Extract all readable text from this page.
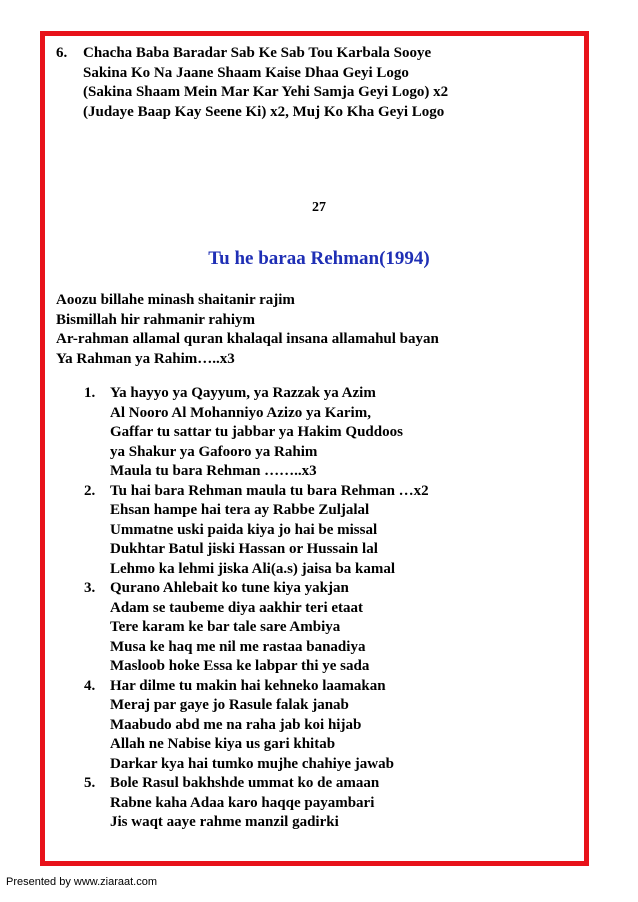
6. Chacha Baba Baradar Sab Ke Sab Tou Karbala Sooye
Sakina Ko Na Jaane Shaam Kaise Dhaa Geyi Logo
(Sakina Shaam Mein Mar Kar Yehi Samja Geyi Logo) x2
(Judaye Baap Kay Seene Ki) x2, Muj Ko Kha Geyi Logo
27
Tu he baraa Rehman(1994)
Aoozu billahe minash shaitanir rajim
Bismillah hir rahmanir rahiym
Ar-rahman allamal quran khalaqal insana allamahul bayan
Ya Rahman ya Rahim…..x3
1. Ya hayyo ya Qayyum, ya Razzak ya Azim
Al Nooro Al Mohanniyo Azizo ya Karim,
Gaffar tu sattar tu jabbar ya Hakim Quddoos
ya Shakur ya Gafooro ya Rahim
Maula tu bara Rehman ……..x3
2. Tu hai bara Rehman maula tu bara Rehman …x2
Ehsan hampe hai tera ay Rabbe Zuljalal
Ummatne uski paida kiya jo hai be missal
Dukhtar Batul jiski Hassan or Hussain lal
Lehmo ka lehmi jiska Ali(a.s) jaisa ba kamal
3. Qurano Ahlebait ko tune kiya yakjan
Adam se taubeme diya aakhir teri etaat
Tere karam ke bar tale sare Ambiya
Musa ke haq me nil me rastaa banadiya
Masloob hoke Essa ke labpar thi ye sada
4. Har dilme tu makin hai kehneko laamakan
Meraj par gaye jo Rasule falak janab
Maabudo abd me na raha jab koi hijab
Allah ne Nabise kiya us gari khitab
Darkar kya hai tumko mujhe chahiye jawab
5. Bole Rasul bakhshde ummat ko de amaan
Rabne kaha Adaa karo haqqe payambari
Jis waqt aaye rahme manzil gadirki
Presented by www.ziaraat.com
